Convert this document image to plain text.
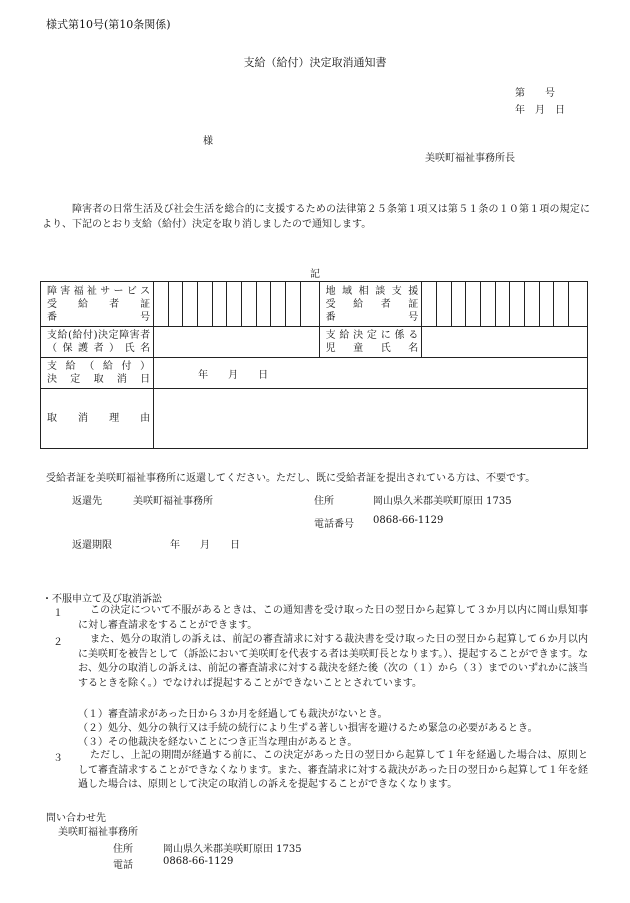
様式第10号(第10条関係)
支給（給付）決定取消通知書
第　　号
年　月　日
様
美咲町福祉事務所長
障害者の日常生活及び社会生活を総合的に支援するための法律第２５条第１項又は第５１条の１０第１項の規定により、下記のとおり支給（給付）決定を取り消しましたので通知します。
記
障害福祉サービス
受　給　者　証
番　　　　　号												地域相談支援
受　給　者　証
番　　　　　号											

支給(給付)決定障害者
（保護者）氏名												支給決定に係る
児　童　氏　名											

支給（給付）
決定取消日	年　　月　　日																						

取　消　理　由																							

受給者証を美咲町福祉事務所に返還してください。ただし、既に受給者証を提出されている方は、不要です。
返還先	美咲町福祉事務所	住所	岡山県久米郡美咲町原田 1735
電話番号 0868-66-1129
返還期限	年　　月　　日
・不服申立て及び取消訴訟
１	この決定について不服があるときは、この通知書を受け取った日の翌日から起算して３か月以内に岡山県知事に対し審査請求をすることができます。
２	また、処分の取消しの訴えは、前記の審査請求に対する裁決書を受け取った日の翌日から起算して６か月以内に美咲町を被告として（訴訟において美咲町を代表する者は美咲町長となります。）、提起することができます。なお、処分の取消しの訴えは、前記の審査請求に対する裁決を経た後（次の（１）から（３）までのいずれかに該当するときを除く。）でなければ提起することができないこととされています。
（１）審査請求があった日から３か月を経過しても裁決がないとき。
（２）処分、処分の執行又は手続の続行により生ずる著しい損害を避けるため緊急の必要があるとき。
（３）その他裁決を経ないことにつき正当な理由があるとき。
３	ただし、上記の期間が経過する前に、この決定があった日の翌日から起算して１年を経過した場合は、原則として審査請求することができなくなります。また、審査請求に対する裁決があった日の翌日から起算して１年を経過した場合は、原則として決定の取消しの訴えを提起することができなくなります。
問い合わせ先
美咲町福祉事務所
住所	岡山県久米郡美咲町原田 1735
電話	0868-66-1129
